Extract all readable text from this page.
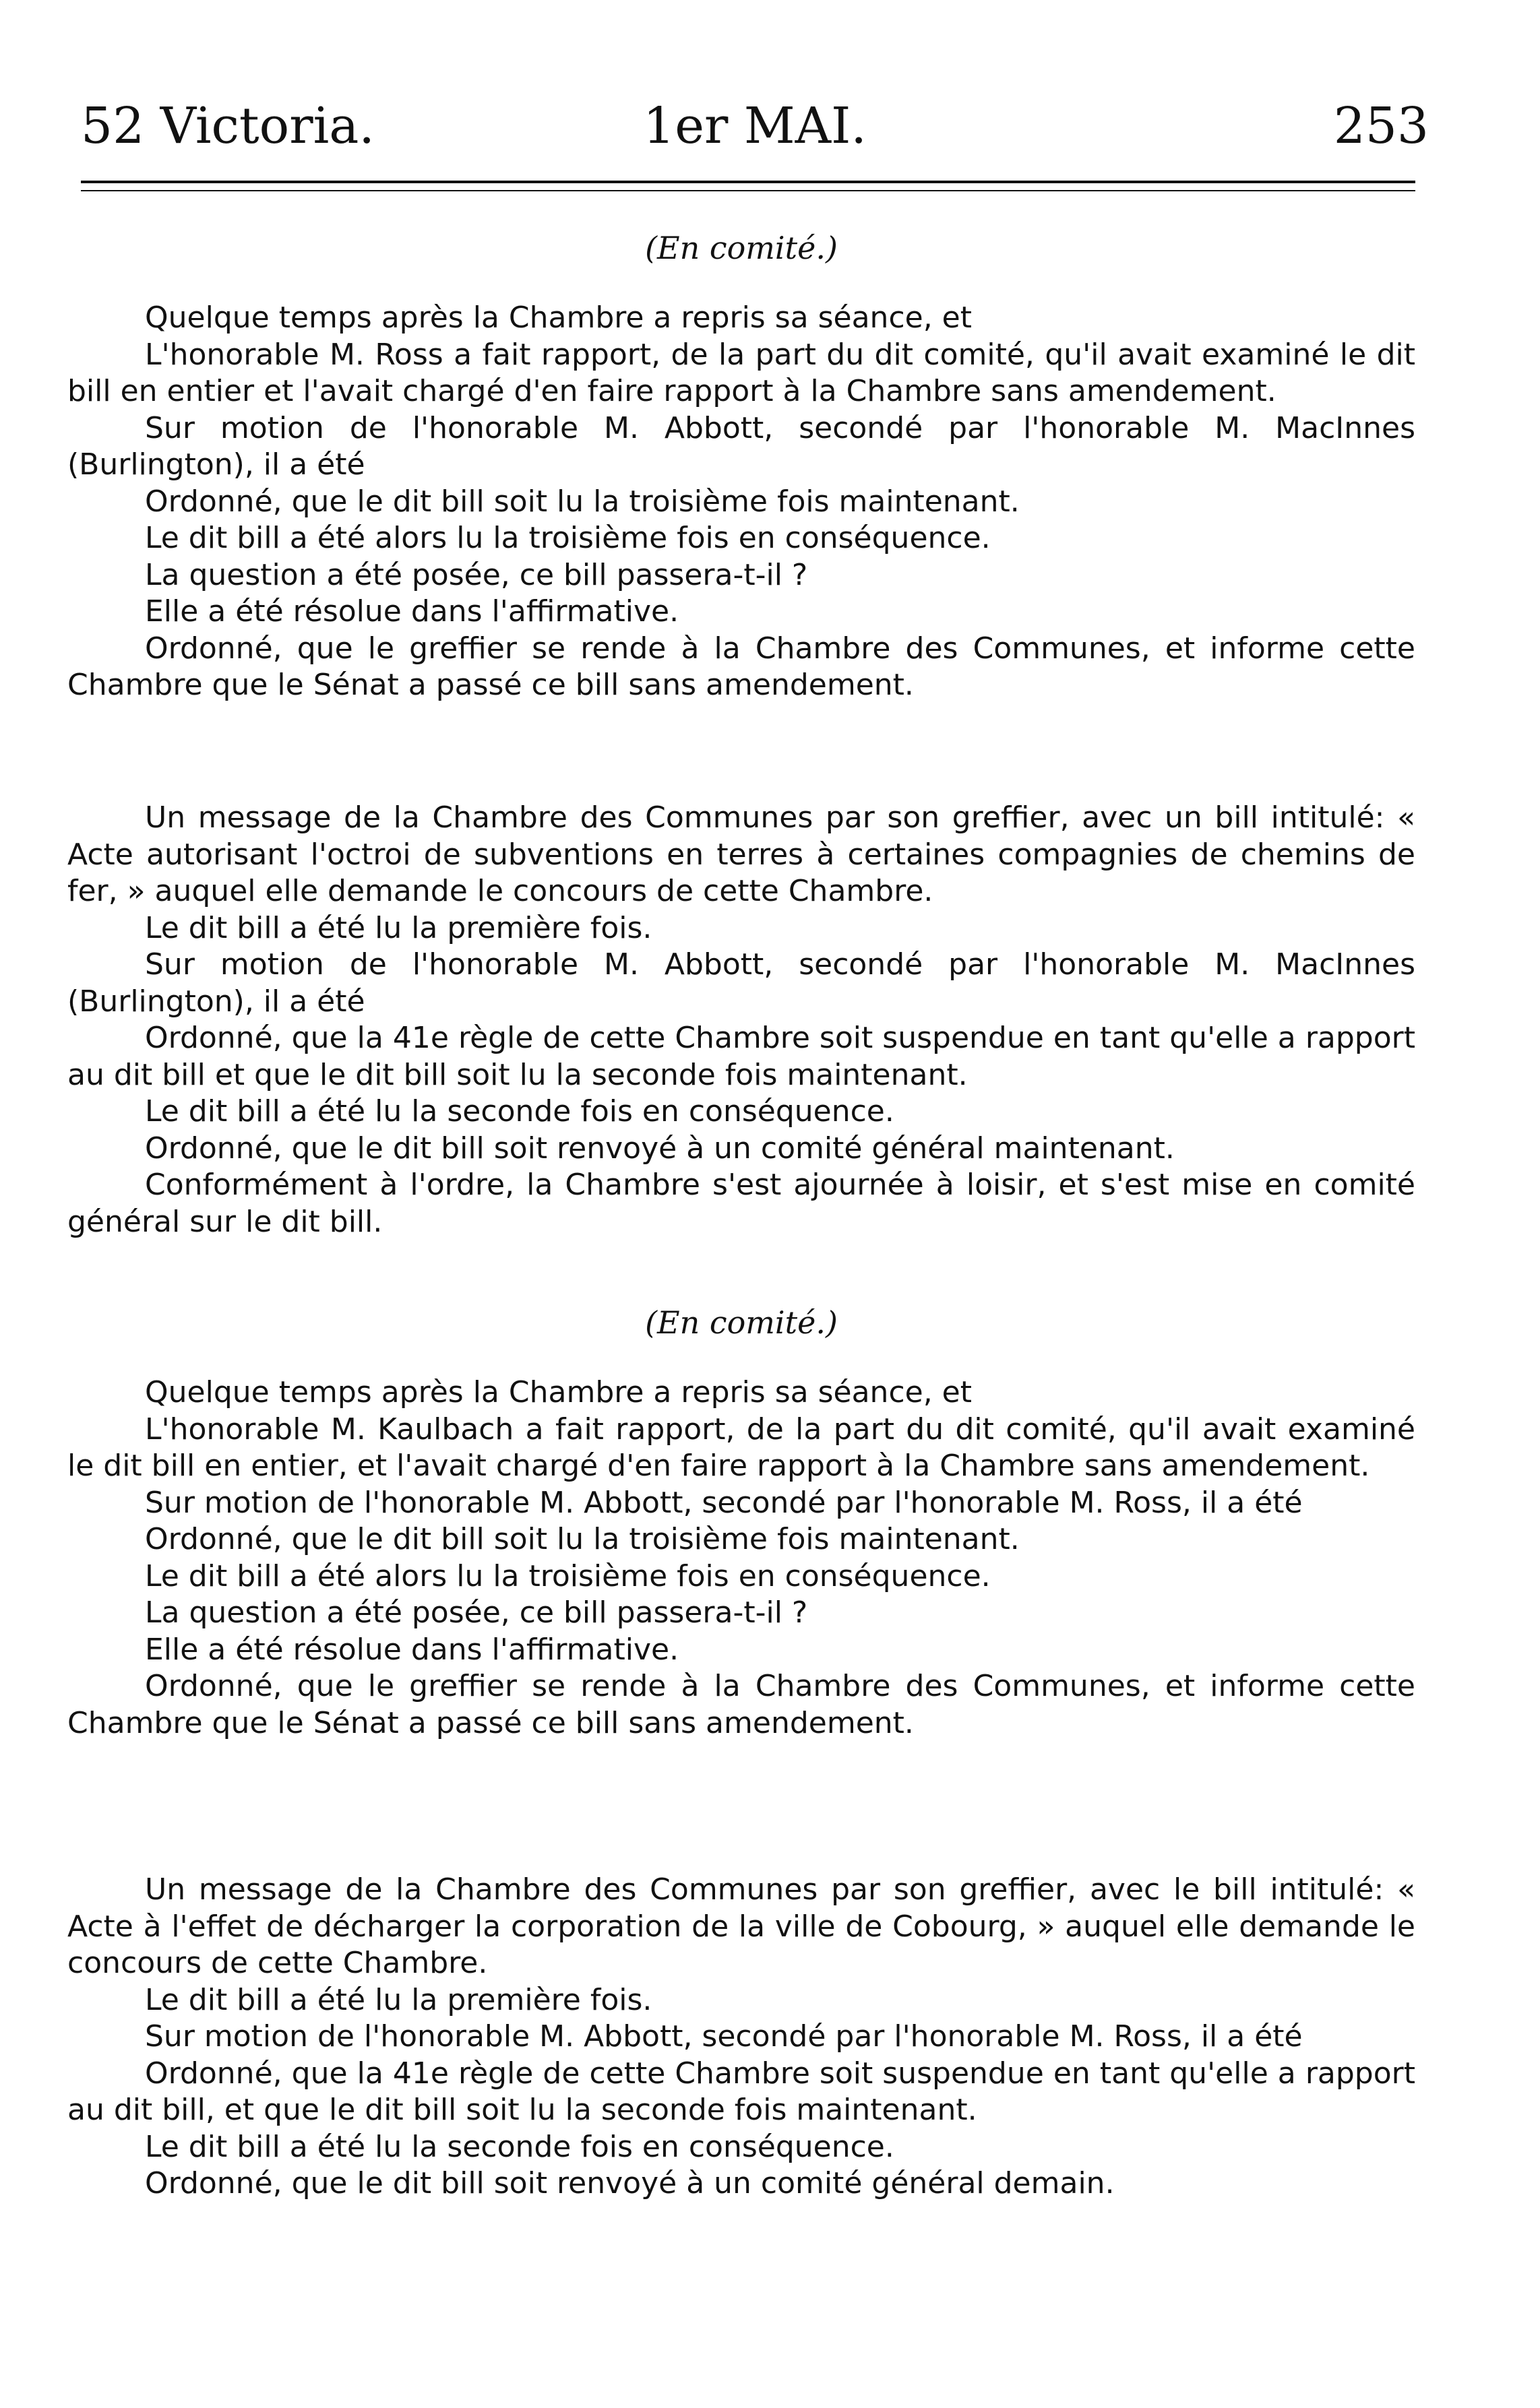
52 Victoria.	1er MAI.	253
(En comité.)

Quelque temps après la Chambre a repris sa séance, et

L'honorable M. Ross a fait rapport, de la part du dit comité, qu'il avait examiné le dit bill en entier et l'avait chargé d'en faire rapport à la Chambre sans amendement.

Sur motion de l'honorable M. Abbott, secondé par l'honorable M. MacInnes (Burlington), il a été

Ordonné, que le dit bill soit lu la troisième fois maintenant.

Le dit bill a été alors lu la troisième fois en conséquence.

La question a été posée, ce bill passera-t-il ?

Elle a été résolue dans l'affirmative.

Ordonné, que le greffier se rende à la Chambre des Communes, et informe cette Chambre que le Sénat a passé ce bill sans amendement.

Un message de la Chambre des Communes par son greffier, avec un bill intitulé: « Acte autorisant l'octroi de subventions en terres à certaines compagnies de chemins de fer, » auquel elle demande le concours de cette Chambre.

Le dit bill a été lu la première fois.

Sur motion de l'honorable M. Abbott, secondé par l'honorable M. MacInnes (Burlington), il a été

Ordonné, que la 41e règle de cette Chambre soit suspendue en tant qu'elle a rapport au dit bill et que le dit bill soit lu la seconde fois maintenant.

Le dit bill a été lu la seconde fois en conséquence.

Ordonné, que le dit bill soit renvoyé à un comité général maintenant.

Conformément à l'ordre, la Chambre s'est ajournée à loisir, et s'est mise en comité général sur le dit bill.

(En comité.)

Quelque temps après la Chambre a repris sa séance, et

L'honorable M. Kaulbach a fait rapport, de la part du dit comité, qu'il avait examiné le dit bill en entier, et l'avait chargé d'en faire rapport à la Chambre sans amendement.

Sur motion de l'honorable M. Abbott, secondé par l'honorable M. Ross, il a été

Ordonné, que le dit bill soit lu la troisième fois maintenant.

Le dit bill a été alors lu la troisième fois en conséquence.

La question a été posée, ce bill passera-t-il ?

Elle a été résolue dans l'affirmative.

Ordonné, que le greffier se rende à la Chambre des Communes, et informe cette Chambre que le Sénat a passé ce bill sans amendement.

Un message de la Chambre des Communes par son greffier, avec le bill intitulé: « Acte à l'effet de décharger la corporation de la ville de Cobourg, » auquel elle demande le concours de cette Chambre.

Le dit bill a été lu la première fois.

Sur motion de l'honorable M. Abbott, secondé par l'honorable M. Ross, il a été

Ordonné, que la 41e règle de cette Chambre soit suspendue en tant qu'elle a rapport au dit bill, et que le dit bill soit lu la seconde fois maintenant.

Le dit bill a été lu la seconde fois en conséquence.

Ordonné, que le dit bill soit renvoyé à un comité général demain.
